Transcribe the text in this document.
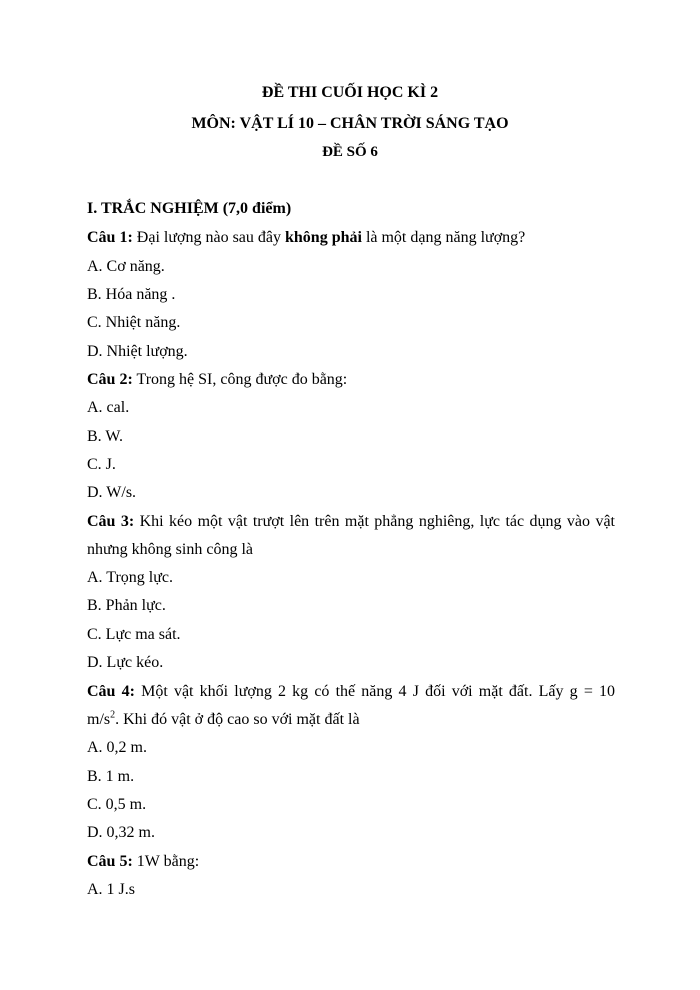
ĐỀ THI CUỐI HỌC KÌ 2
MÔN: VẬT LÍ 10 – CHÂN TRỜI SÁNG TẠO
ĐỀ SỐ 6
I. TRẮC NGHIỆM (7,0 điểm)
Câu 1: Đại lượng nào sau đây không phải là một dạng năng lượng?
A. Cơ năng.
B. Hóa năng .
C. Nhiệt năng.
D. Nhiệt lượng.
Câu 2: Trong hệ SI, công được đo bằng:
A. cal.
B. W.
C. J.
D. W/s.
Câu 3: Khi kéo một vật trượt lên trên mặt phẳng nghiêng, lực tác dụng vào vật
nhưng không sinh công là
A. Trọng lực.
B. Phản lực.
C. Lực ma sát.
D. Lực kéo.
Câu 4: Một vật khối lượng 2 kg có thế năng 4 J đối với mặt đất. Lấy g = 10
$m/s^2$. Khi đó vật ở độ cao so với mặt đất là
A. 0,2 m.
B. 1 m.
C. 0,5 m.
D. 0,32 m.
Câu 5: 1W bằng:
A. 1 J.s
